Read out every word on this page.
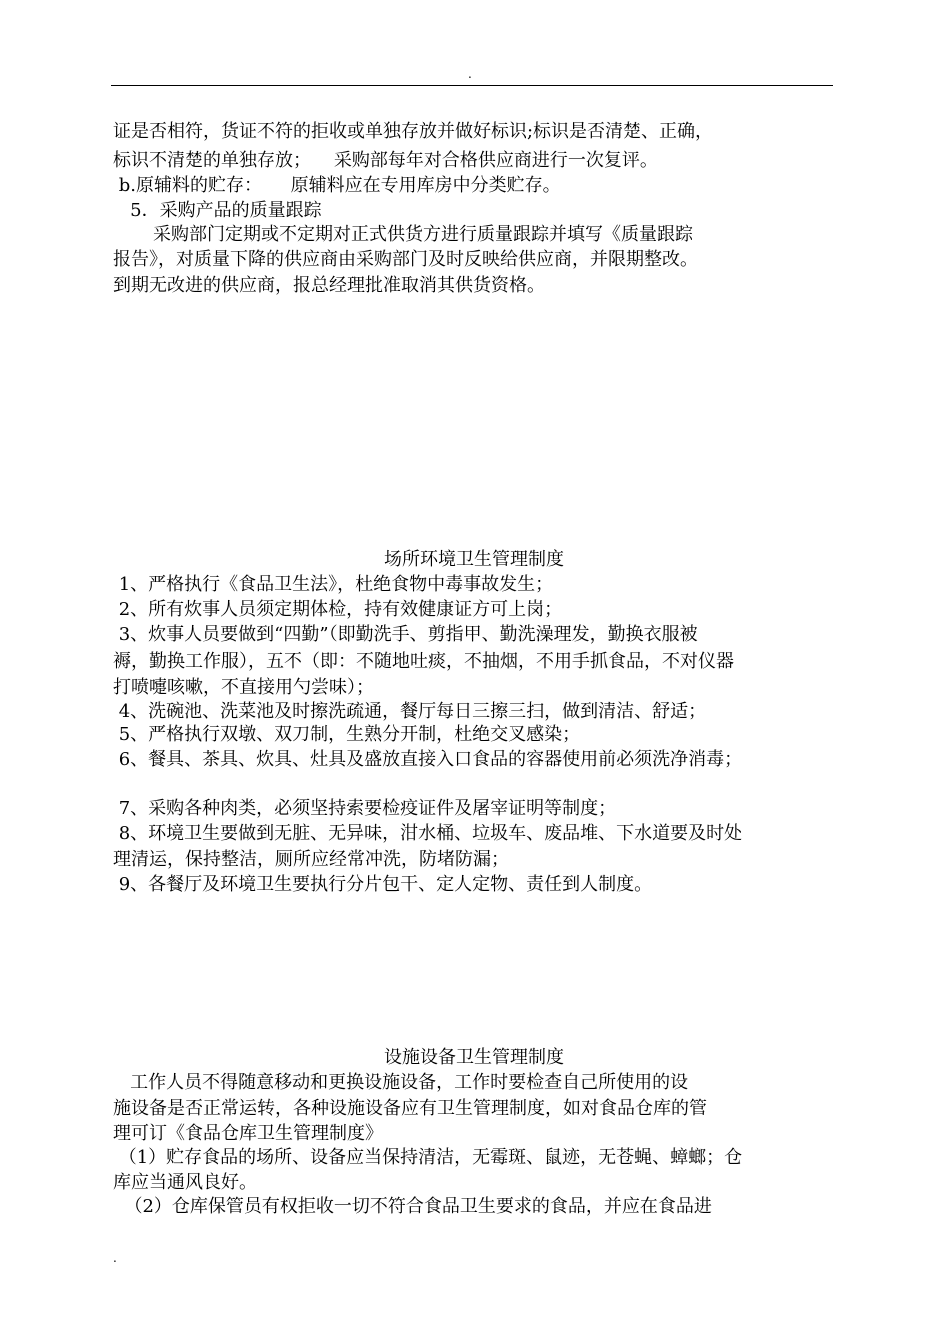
.
证是否相符，货证不符的拒收或单独存放并做好标识;标识是否清楚、正确，
标识不清楚的单独存放；    采购部每年对合格供应商进行一次复评。
b.原辅料的贮存：     原辅料应在专用库房中分类贮存。
5．采购产品的质量跟踪
采购部门定期或不定期对正式供货方进行质量跟踪并填写《质量跟踪
报告》，对质量下降的供应商由采购部门及时反映给供应商，并限期整改。
到期无改进的供应商，报总经理批准取消其供货资格。
场所环境卫生管理制度
1、严格执行《食品卫生法》，杜绝食物中毒事故发生；
2、所有炊事人员须定期体检，持有效健康证方可上岗；
3、炊事人员要做到“四勤”（即勤洗手、剪指甲、勤洗澡理发，勤换衣服被
褥，勤换工作服），五不（即：不随地吐痰，不抽烟，不用手抓食品，不对仪器
打喷嚏咳嗽，不直接用勺尝味）；
4、洗碗池、洗菜池及时擦洗疏通，餐厅每日三擦三扫，做到清洁、舒适；
5、严格执行双墩、双刀制，生熟分开制，杜绝交叉感染；
6、餐具、茶具、炊具、灶具及盛放直接入口食品的容器使用前必须洗净消毒；
7、采购各种肉类，必须坚持索要检疫证件及屠宰证明等制度；
8、环境卫生要做到无脏、无异味，泔水桶、垃圾车、废品堆、下水道要及时处
理清运，保持整洁，厕所应经常冲洗，防堵防漏；
9、各餐厅及环境卫生要执行分片包干、定人定物、责任到人制度。
设施设备卫生管理制度
工作人员不得随意移动和更换设施设备，工作时要检查自己所使用的设
施设备是否正常运转，各种设施设备应有卫生管理制度，如对食品仓库的管
理可订《食品仓库卫生管理制度》
（1）贮存食品的场所、设备应当保持清洁，无霉斑、鼠迹，无苍蝇、蟑螂；仓
库应当通风良好。
（2）仓库保管员有权拒收一切不符合食品卫生要求的食品，并应在食品进
.
